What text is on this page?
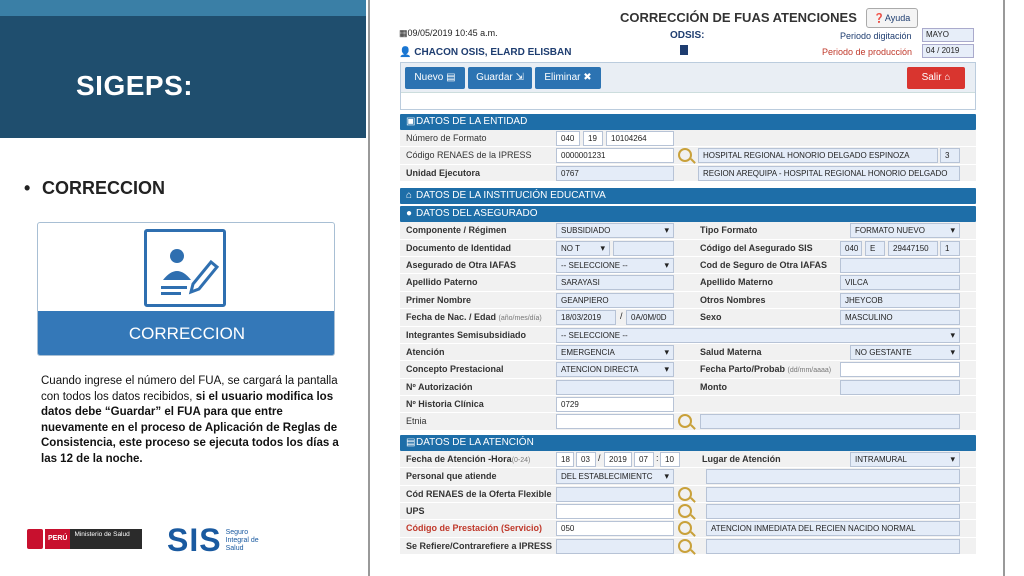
SIGEPS:
• CORRECCION
CORRECCION
Cuando ingrese el número del FUA, se cargará la pantalla con todos los datos recibidos, si el usuario modifica los datos debe “Guardar” el FUA para que entre nuevamente en el proceso de Aplicación de Reglas de Consistencia, este proceso se ejecuta todos los días a las 12 de la noche.
PERÚ
Ministerio de Salud	SIS Seguro Integral de Salud
▦09/05/2019 10:45 a.m.
👤 CHACON OSIS, ELARD ELISBAN
CORRECCIÓN DE FUAS ATENCIONES	❓Ayuda
ODSIS:	Periodo digitación	MAYO
Periodo de producción	04 / 2019
Nuevo ▤	Guardar ⇲	Eliminar ✖	Salir ⌂
▣DATOS DE LA ENTIDAD
Número de Formato	040	19	10104264
Código RENAES de la IPRESS	0000001231	HOSPITAL REGIONAL HONORIO DELGADO ESPINOZA	3
Unidad Ejecutora	0767	REGION AREQUIPA - HOSPITAL REGIONAL HONORIO DELGADO
⌂ DATOS DE LA INSTITUCIÓN EDUCATIVA
● DATOS DEL ASEGURADO
Componente / Régimen	SUBSIDIADO ▾	Tipo Formato	FORMATO NUEVO ▾
Documento de Identidad	NO T ▾	Código del Asegurado SIS	040	E	29447150	1
Asegurado de Otra IAFAS	-- SELECCIONE -- ▾	Cod de Seguro de Otra IAFAS
Apellido Paterno	SARAYASI	Apellido Materno	VILCA
Primer Nombre	GEANPIERO	Otros Nombres	JHEYCOB
Fecha de Nac. / Edad (año/mes/día)	18/03/2019	/	0A/0M/0D	Sexo	MASCULINO
Integrantes Semisubsidiado	-- SELECCIONE -- ▾
Atención	EMERGENCIA ▾	Salud Materna	NO GESTANTE ▾
Concepto Prestacional	ATENCION DIRECTA ▾	Fecha Parto/Probab (dd/mm/aaaa)
Nº Autorización	Monto
Nº Historia Clínica	0729
Etnia
▤DATOS DE LA ATENCIÓN
Fecha de Atención -Hora(0-24)	18	03 /	2019	07 : 10	Lugar de Atención	INTRAMURAL ▾
Personal que atiende	DEL ESTABLECIMIENTC ▾
Cód RENAES de la Oferta Flexible
UPS
Código de Prestación (Servicio)	050	ATENCION INMEDIATA DEL RECIEN NACIDO NORMAL
Se Refiere/Contrarefiere a IPRESS
